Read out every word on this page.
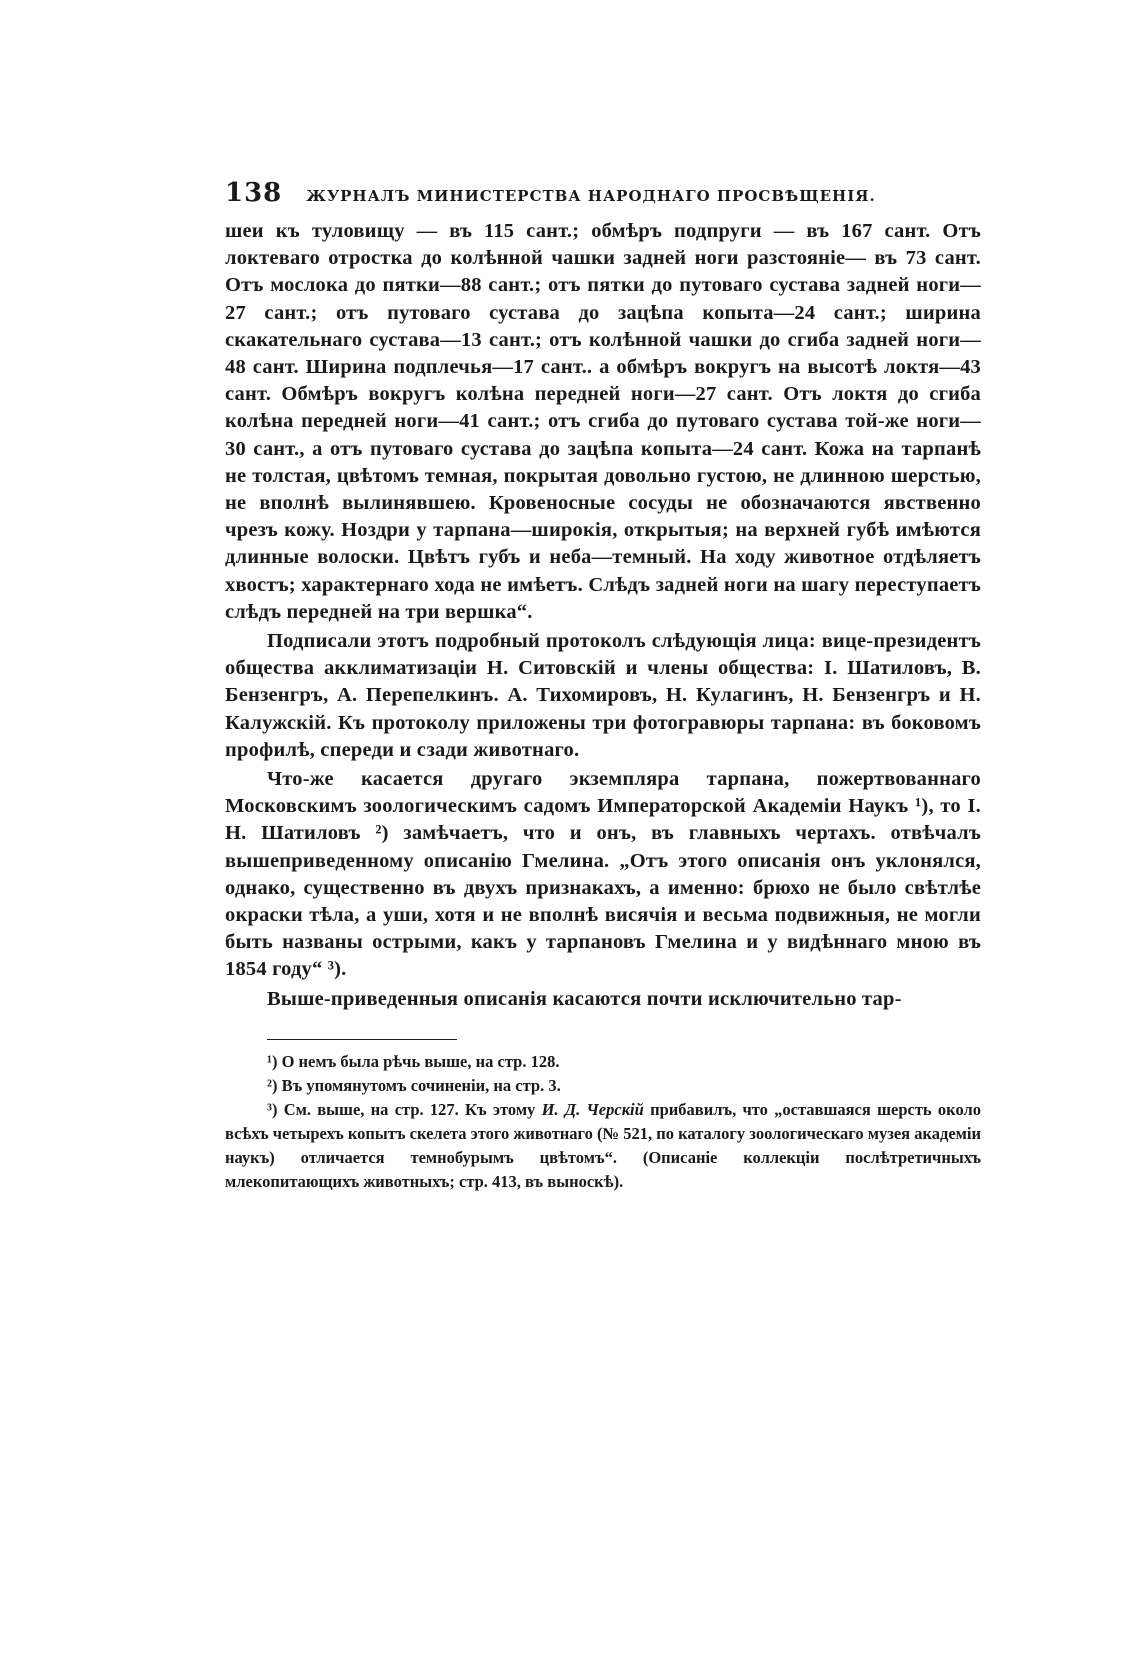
138 ЖУРНАЛЪ МИНИСТЕРСТВА НАРОДНАГО ПРОСВѢЩЕНІЯ.

шеи къ туловищу — въ 115 сант.; обмѣръ подпруги — въ 167 сант. Отъ локтеваго отростка до колѣнной чашки задней ноги разстояніе— въ 73 сант. Отъ мослока до пятки—88 сант.; отъ пятки до путоваго сустава задней ноги—27 сант.; отъ путоваго сустава до зацѣпа копыта—24 сант.; ширина скакательнаго сустава—13 сант.; отъ колѣнной чашки до сгиба задней ноги—48 сант. Ширина подплечья—17 сант.. а обмѣръ вокругъ на высотѣ локтя—43 сант. Обмѣръ вокругъ колѣна передней ноги—27 сант. Отъ локтя до сгиба колѣна передней ноги—41 сант.; отъ сгиба до путоваго сустава той-же ноги— 30 сант., а отъ путоваго сустава до зацѣпа копыта—24 сант. Кожа на тарпанѣ не толстая, цвѣтомъ темная, покрытая довольно густою, не длинною шерстью, не вполнѣ вылинявшею. Кровеносные сосуды не обозначаются явственно чрезъ кожу. Ноздри у тарпана—широкія, открытыя; на верхней губѣ имѣются длинные волоски. Цвѣтъ губъ и неба—темный. На ходу животное отдѣляетъ хвостъ; характернаго хода не имѣетъ. Слѣдъ задней ноги на шагу переступаетъ слѣдъ передней на три вершка“.

Подписали этотъ подробный протоколъ слѣдующія лица: вице-президентъ общества акклиматизаціи Н. Ситовскій и члены общества: I. Шатиловъ, В. Бензенгръ, А. Перепелкинъ. А. Тихомировъ, Н. Кулагинъ, Н. Бензенгръ и Н. Калужскій. Къ протоколу приложены три фотогравюры тарпана: въ боковомъ профилѣ, спереди и сзади животнаго.

Что-же касается другаго экземпляра тарпана, пожертвованнаго Московскимъ зоологическимъ садомъ Императорской Академіи Наукъ ¹), то I. Н. Шатиловъ ²) замѣчаетъ, что и онъ, въ главныхъ чертахъ. отвѣчалъ вышеприведенному описанію Гмелина. „Отъ этого описанія онъ уклонялся, однако, существенно въ двухъ признакахъ, а именно: брюхо не было свѣтлѣе окраски тѣла, а уши, хотя и не вполнѣ висячія и весьма подвижныя, не могли быть названы острыми, какъ у тарпановъ Гмелина и у видѣннаго мною въ 1854 году“ ³).

Выше-приведенныя описанія касаются почти исключительно тар-

¹) О немъ была рѣчь выше, на стр. 128.

²) Въ упомянутомъ сочиненіи, на стр. 3.

³) См. выше, на стр. 127. Къ этому И. Д. Черскій прибавилъ, что „оставшаяся шерсть около всѣхъ четырехъ копытъ скелета этого животнаго (№ 521, по каталогу зоологическаго музея академіи наукъ) отличается темнобурымъ цвѣтомъ“. (Описаніе коллекціи послѣтретичныхъ млекопитающихъ животныхъ; стр. 413, въ выноскѣ).
